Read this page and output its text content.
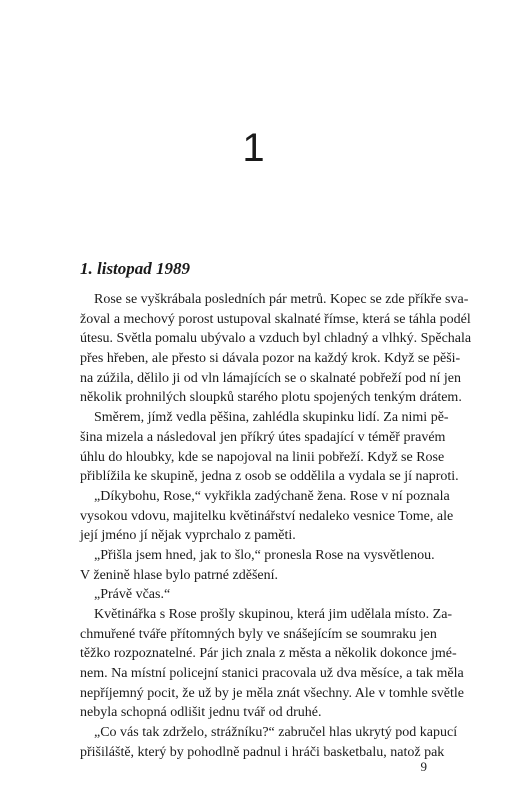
1
1. listopad 1989
Rose se vyškrábala posledních pár metrů. Kopec se zde příkře sva-
žoval a mechový porost ustupoval skalnaté římse, která se táhla podél
útesu. Světla pomalu ubývalo a vzduch byl chladný a vlhký. Spěchala
přes hřeben, ale přesto si dávala pozor na každý krok. Když se pěši-
na zúžila, dělilo ji od vln lámajících se o skalnaté pobřeží pod ní jen
několik prohnilých sloupků starého plotu spojených tenkým drátem.
Směrem, jímž vedla pěšina, zahlédla skupinku lidí. Za nimi pě-
šina mizela a následoval jen příkrý útes spadající v téměř pravém
úhlu do hloubky, kde se napojoval na linii pobřeží. Když se Rose
přiblížila ke skupině, jedna z osob se oddělila a vydala se jí naproti.
„Díkybohu, Rose,“ vykřikla zadýchaně žena. Rose v ní poznala
vysokou vdovu, majitelku květinářství nedaleko vesnice Tome, ale
její jméno jí nějak vyprchalo z paměti.
„Přišla jsem hned, jak to šlo,“ pronesla Rose na vysvětlenou.
V ženině hlase bylo patrné zděšení.
„Právě včas.“
Květinářka s Rose prošly skupinou, která jim udělala místo. Za-
chmuřené tváře přítomných byly ve snášejícím se soumraku jen
těžko rozpoznatelné. Pár jich znala z města a několik dokonce jmé-
nem. Na místní policejní stanici pracovala už dva měsíce, a tak měla
nepříjemný pocit, že už by je měla znát všechny. Ale v tomhle světle
nebyla schopná odlišit jednu tvář od druhé.
„Co vás tak zdrželo, strážníku?“ zabručel hlas ukrytý pod kapucí
přišiláště, který by pohodlně padnul i hráči basketbalu, natož pak
9
